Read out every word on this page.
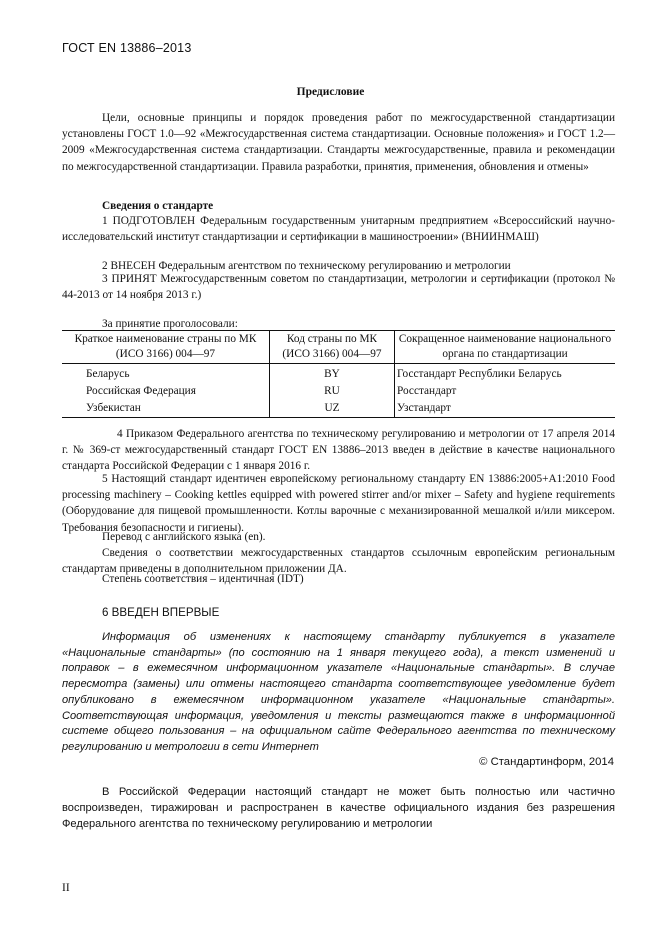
ГОСТ EN 13886–2013
Предисловие

Цели, основные принципы и порядок проведения работ по межгосударственной стандартизации установлены ГОСТ 1.0—92 «Межгосударственная система стандартизации. Основные положения» и ГОСТ 1.2—2009 «Межгосударственная система стандартизации. Стандарты межгосударственные, правила и рекомендации по межгосударственной стандартизации. Правила разработки, принятия, применения, обновления и отмены»

Сведения о стандарте

1 ПОДГОТОВЛЕН Федеральным государственным унитарным предприятием «Всероссийский научно-исследовательский институт стандартизации и сертификации в машиностроении» (ВНИИНМАШ)

2 ВНЕСЕН Федеральным агентством по техническому регулированию и метрологии

3 ПРИНЯТ Межгосударственным советом по стандартизации, метрологии и сертификации (протокол № 44-2013 от 14 ноября 2013 г.)

За принятие проголосовали:
Краткое наименование страны по МК (ИСО 3166) 004—97	Код страны по МК (ИСО 3166) 004—97	Сокращенное наименование национального органа по стандартизации
Беларусь	BY	Госстандарт Республики Беларусь
Российская Федерация	RU	Росстандарт
Узбекистан	UZ	Узстандарт

4 Приказом Федерального агентства по техническому регулированию и метрологии от 17 апреля 2014 г. № 369-ст межгосударственный стандарт ГОСТ EN 13886–2013 введен в действие в качестве национального стандарта Российской Федерации с 1 января 2016 г.

5 Настоящий стандарт идентичен европейскому региональному стандарту EN 13886:2005+A1:2010 Food processing machinery – Cooking kettles equipped with powered stirrer and/or mixer – Safety and hygiene requirements (Оборудование для пищевой промышленности. Котлы варочные с механизированной мешалкой и/или миксером. Требования безопасности и гигиены).

Перевод с английского языка (en).

Сведения о соответствии межгосударственных стандартов ссылочным европейским региональным стандартам приведены в дополнительном приложении ДА.

Степень соответствия – идентичная (IDT)
6 ВВЕДЕН ВПЕРВЫЕ

Информация об изменениях к настоящему стандарту публикуется в указателе «Национальные стандарты» (по состоянию на 1 января текущего года), а текст изменений и поправок – в ежемесячном информационном указателе «Национальные стандарты». В случае пересмотра (замены) или отмены настоящего стандарта соответствующее уведомление будет опубликовано в ежемесячном информационном указателе «Национальные стандарты». Соответствующая информация, уведомления и тексты размещаются также в информационной системе общего пользования – на официальном сайте Федерального агентства по техническому регулированию и метрологии в сети Интернет

© Стандартинформ, 2014

В Российской Федерации настоящий стандарт не может быть полностью или частично воспроизведен, тиражирован и распространен в качестве официального издания без разрешения Федерального агентства по техническому регулированию и метрологии

II
